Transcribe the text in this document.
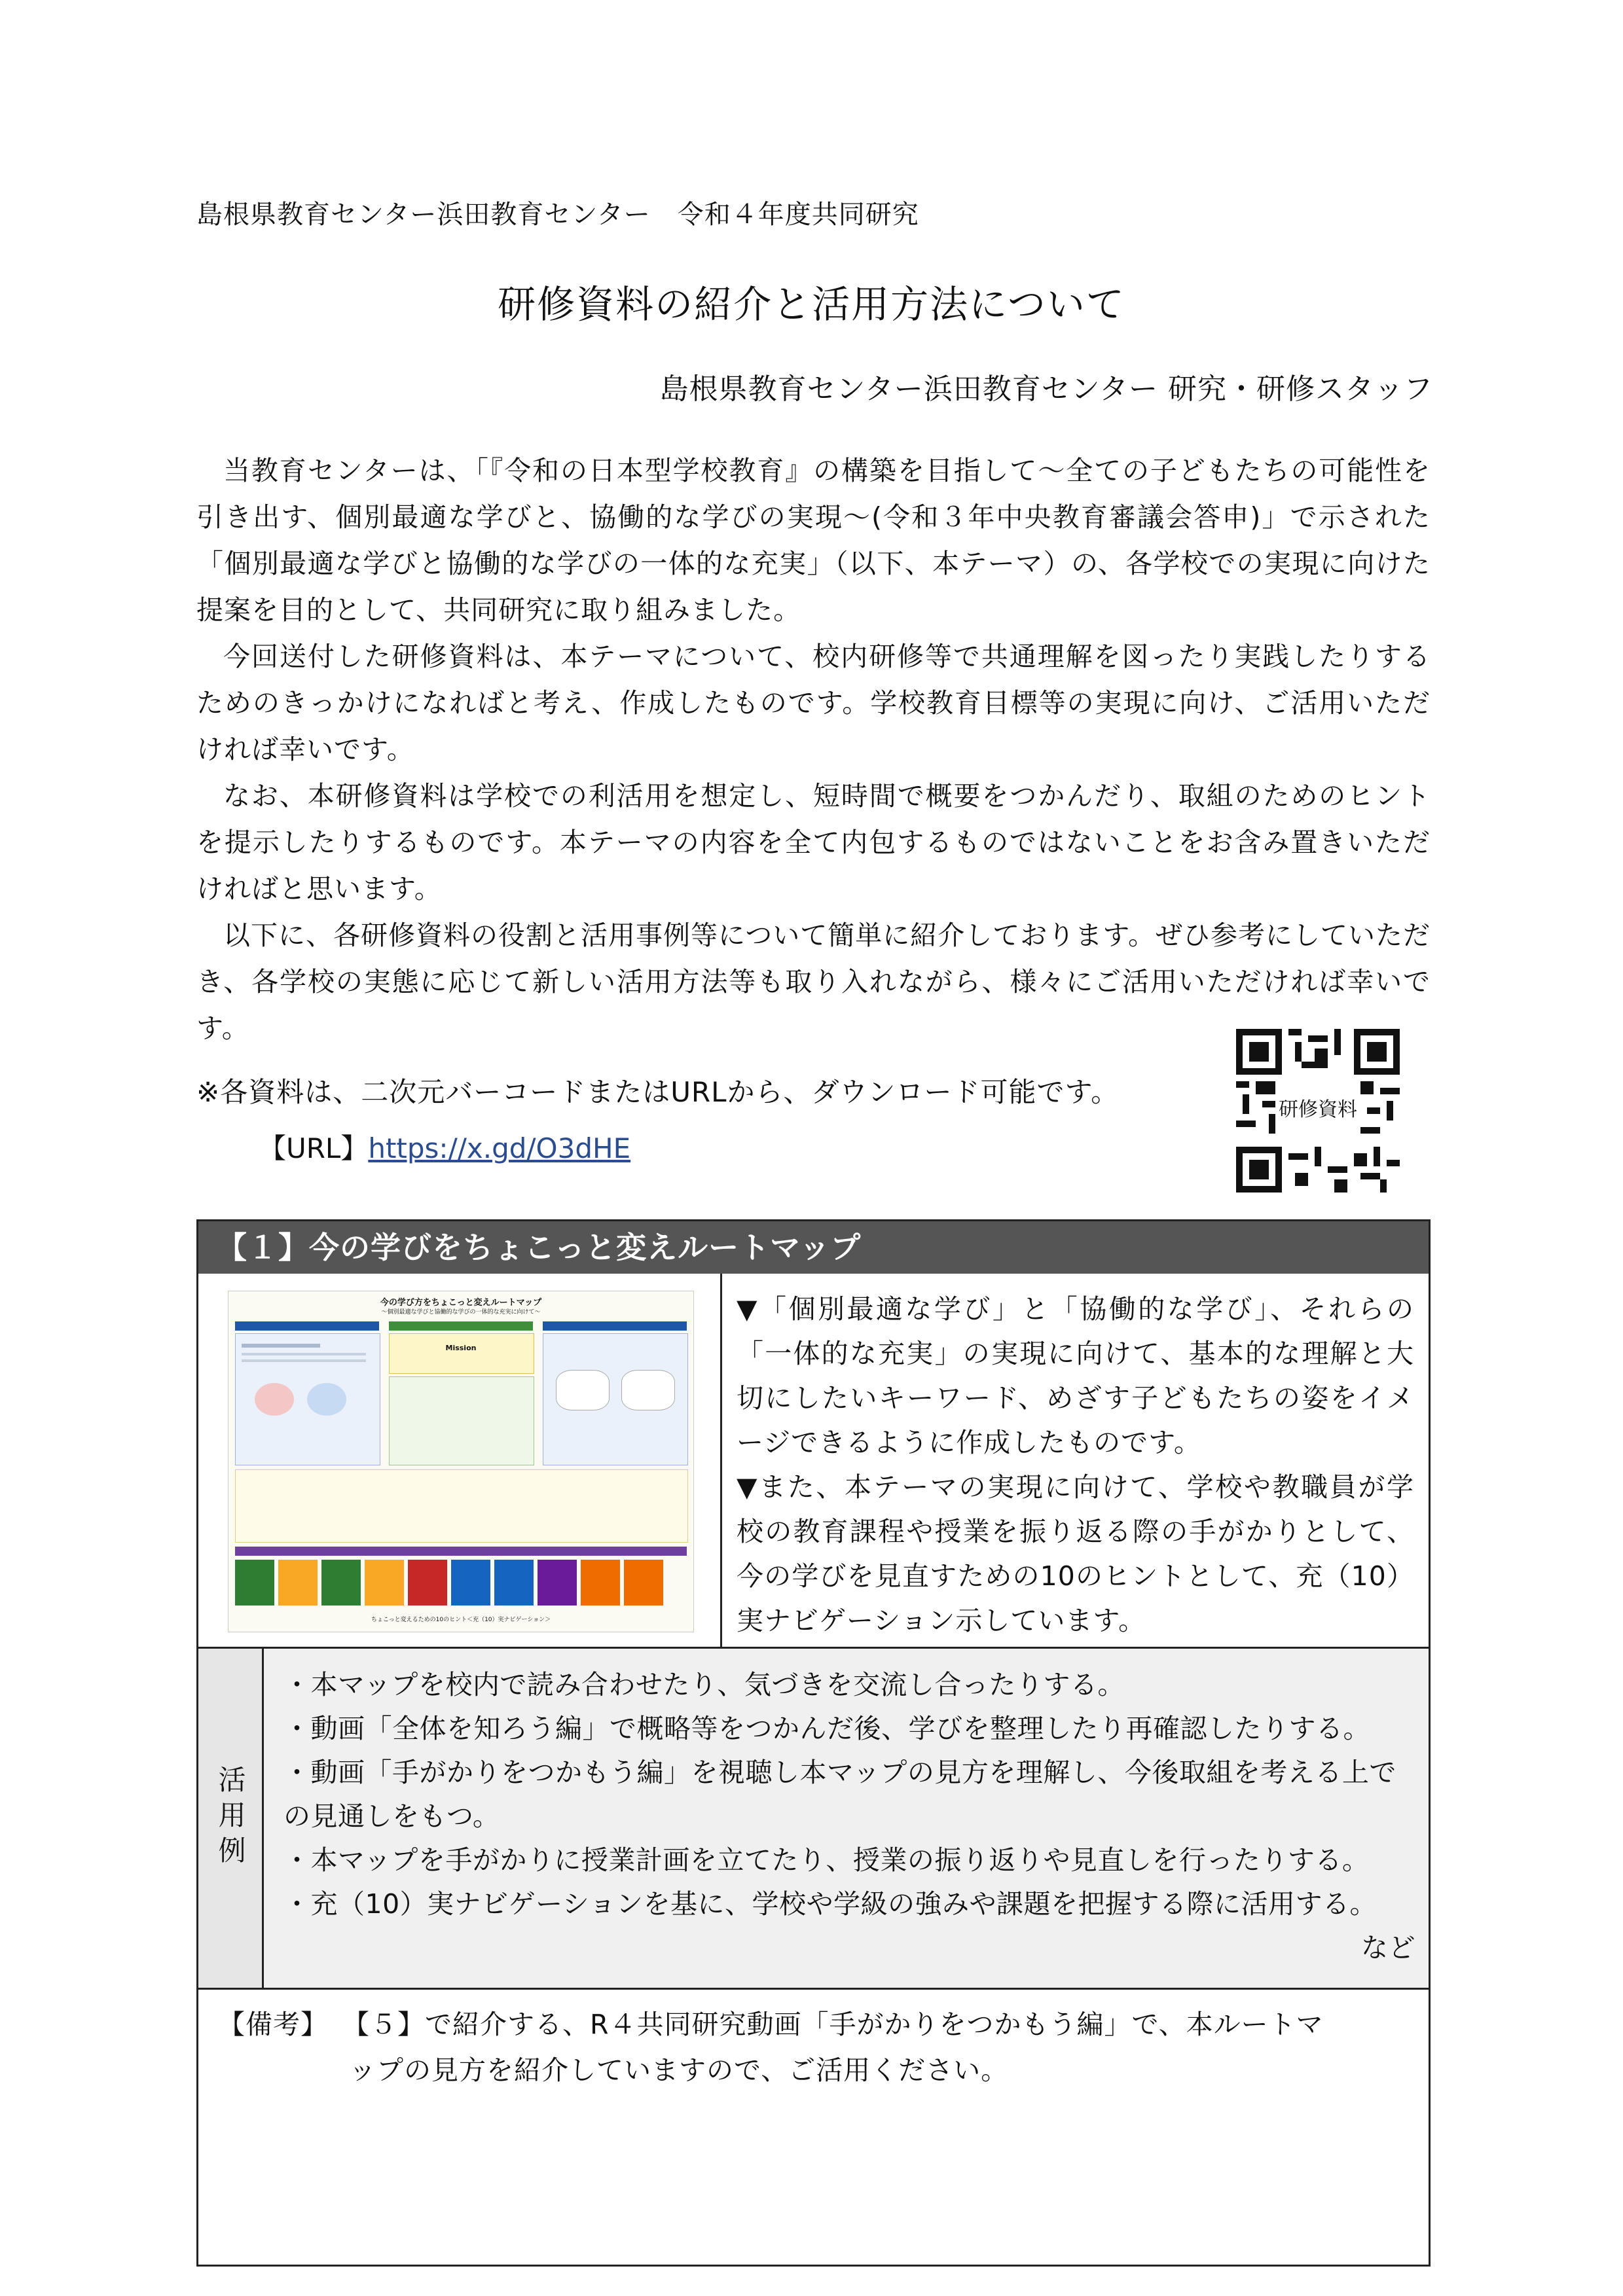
島根県教育センター浜田教育センター　令和４年度共同研究
研修資料の紹介と活用方法について
島根県教育センター浜田教育センター 研究・研修スタッフ

当教育センターは、「『令和の日本型学校教育』の構築を目指して～全ての子どもたちの可能性を引き出す、個別最適な学びと、協働的な学びの実現～(令和３年中央教育審議会答申)」で示された「個別最適な学びと協働的な学びの一体的な充実」（以下、本テーマ）の、各学校での実現に向けた提案を目的として、共同研究に取り組みました。

今回送付した研修資料は、本テーマについて、校内研修等で共通理解を図ったり実践したりするためのきっかけになればと考え、作成したものです。学校教育目標等の実現に向け、ご活用いただければ幸いです。

なお、本研修資料は学校での利活用を想定し、短時間で概要をつかんだり、取組のためのヒントを提示したりするものです。本テーマの内容を全て内包するものではないことをお含み置きいただければと思います。

以下に、各研修資料の役割と活用事例等について簡単に紹介しております。ぜひ参考にしていただき、各学校の実態に応じて新しい活用方法等も取り入れながら、様々にご活用いただければ幸いです。

※各資料は、二次元バーコードまたはURLから、ダウンロード可能です。
【URL】https://x.gd/O3dHE
研修資料
【１】今の学びをちょこっと変えルートマップ
今の学び方をちょこっと変えルートマップ
～個別最適な学びと協働的な学びの一体的な充実に向けて～
Mission
ちょこっと変えるための10のヒント＜充（10）実ナビゲーション＞

▼「個別最適な学び」と「協働的な学び」、それらの「一体的な充実」の実現に向けて、基本的な理解と大切にしたいキーワード、めざす子どもたちの姿をイメージできるように作成したものです。

▼また、本テーマの実現に向けて、学校や教職員が学校の教育課程や授業を振り返る際の手がかりとして、今の学びを見直すための10のヒントとして、充（10）実ナビゲーション示しています。

活用例

・本マップを校内で読み合わせたり、気づきを交流し合ったりする。

・動画「全体を知ろう編」で概略等をつかんだ後、学びを整理したり再確認したりする。

・動画「手がかりをつかもう編」を視聴し本マップの見方を理解し、今後取組を考える上での見通しをもつ。

・本マップを手がかりに授業計画を立てたり、授業の振り返りや見直しを行ったりする。

・充（10）実ナビゲーションを基に、学校や学級の強みや課題を把握する際に活用する。

など

【備考】 【５】で紹介する、R４共同研究動画「手がかりをつかもう編」で、本ルートマ
ップの見方を紹介していますので、ご活用ください。
